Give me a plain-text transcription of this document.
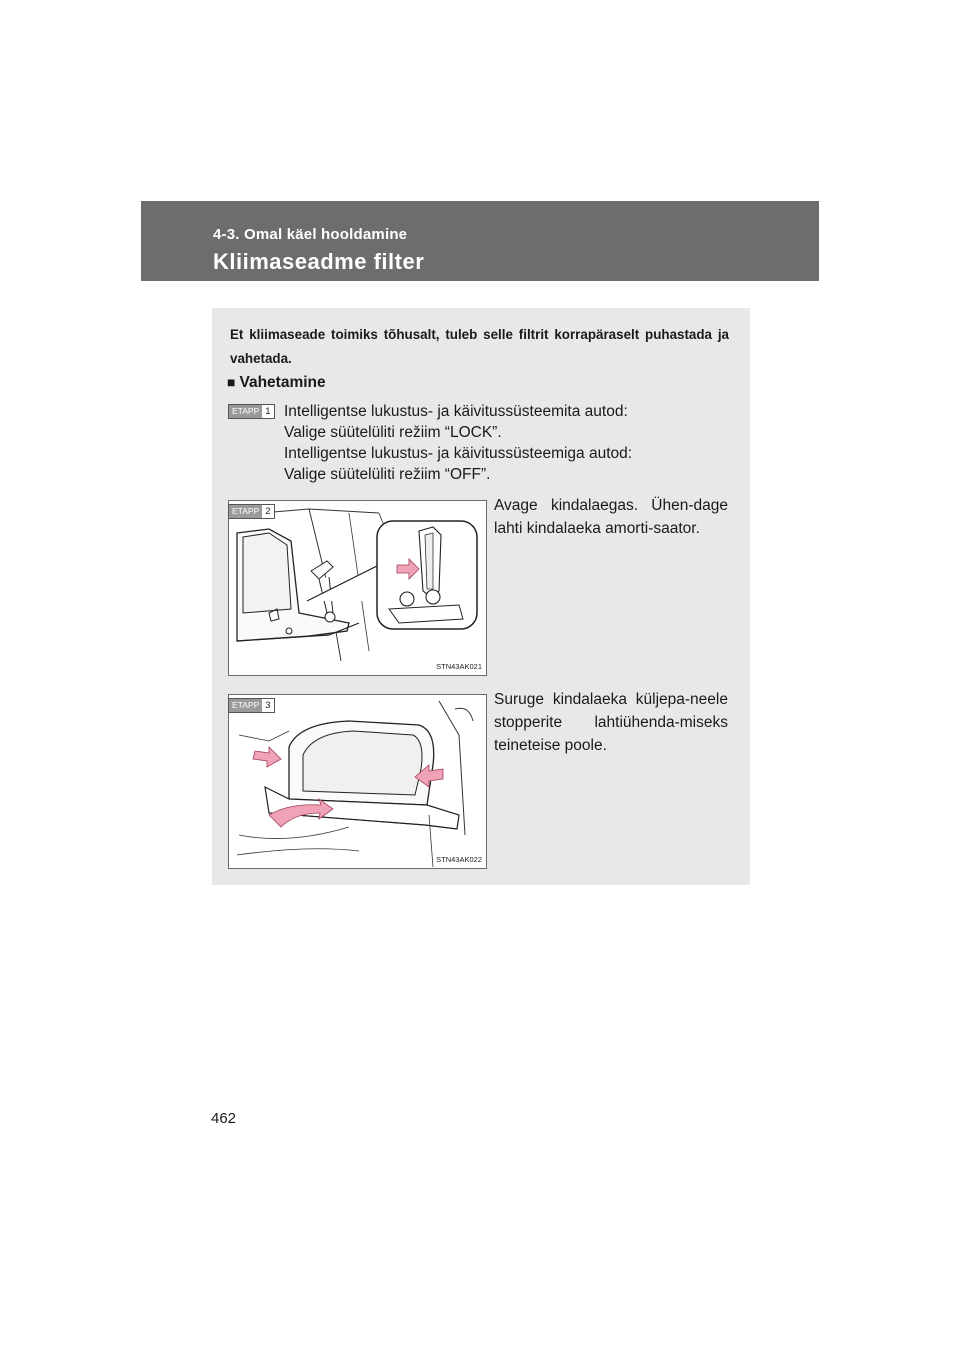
4-3. Omal käel hooldamine
Kliimaseadme filter
Et kliimaseade toimiks tõhusalt, tuleb selle filtrit korrapäraselt puhastada ja vahetada.
■ Vahetamine
ETAPP 1 Intelligentse lukustus- ja käivitussüsteemita autod:
Valige süütelüliti režiim “LOCK”.
Intelligentse lukustus- ja käivitussüsteemiga autod:
Valige süütelüliti režiim “OFF”.
STN43AK021
ETAPP 2	Avage kindalaegas. Ühen-dage lahti kindalaeka amorti-saator.
STN43AK022
ETAPP 3	Suruge kindalaeka küljepa-neele stopperite lahtiühenda-miseks teineteise poole.
462
